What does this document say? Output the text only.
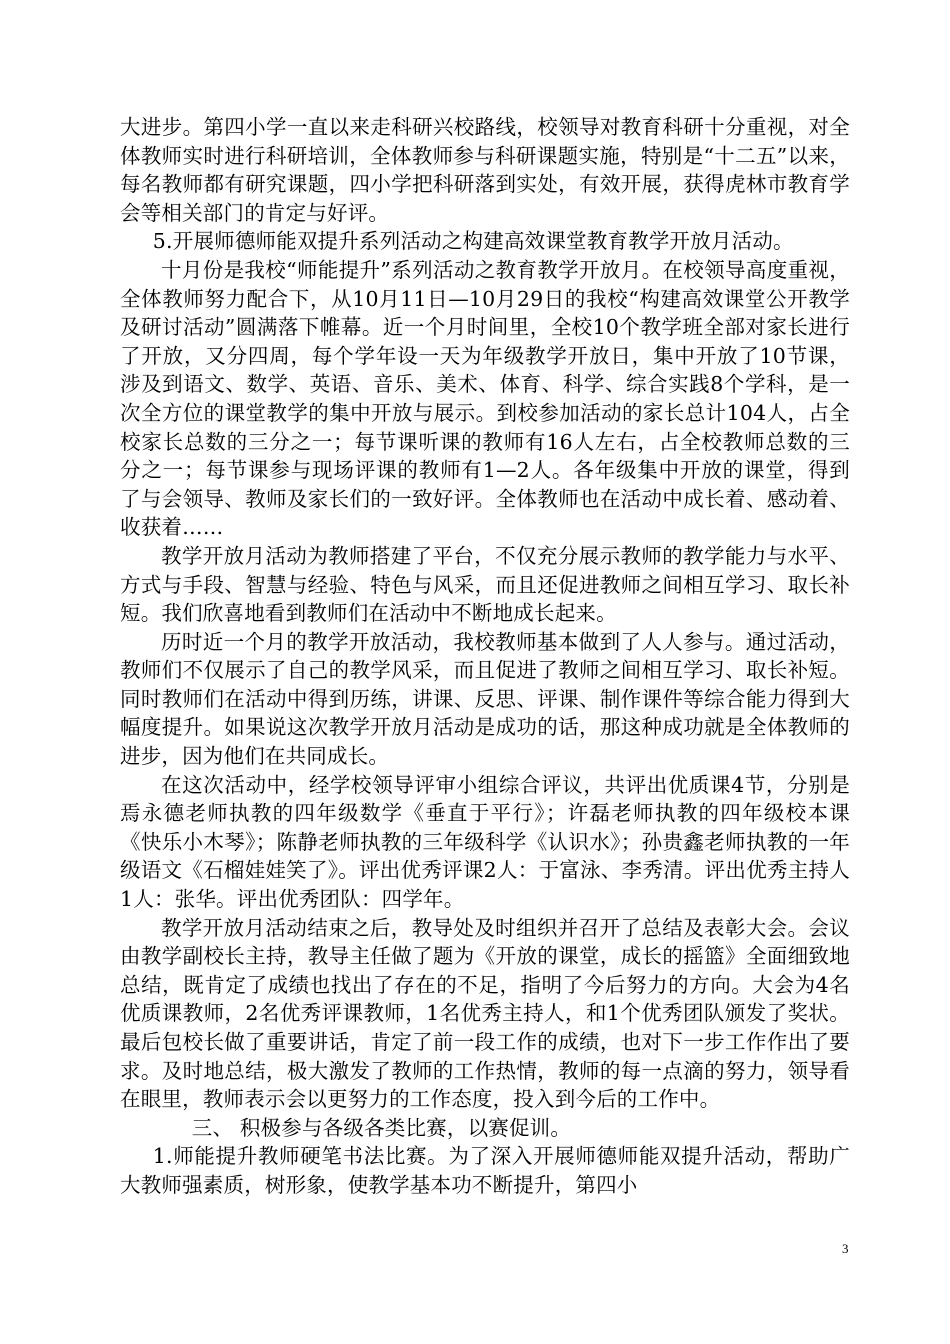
大进步。第四小学一直以来走科研兴校路线，校领导对教育科研十分重视，对全体教师实时进行科研培训，全体教师参与科研课题实施，特别是“十二五”以来，每名教师都有研究课题，四小学把科研落到实处，有效开展，获得虎林市教育学会等相关部门的肯定与好评。

5.开展师德师能双提升系列活动之构建高效课堂教育教学开放月活动。

十月份是我校“师能提升”系列活动之教育教学开放月。在校领导高度重视，全体教师努力配合下，从10月11日—10月29日的我校“构建高效课堂公开教学及研讨活动”圆满落下帷幕。近一个月时间里，全校10个教学班全部对家长进行了开放，又分四周，每个学年设一天为年级教学开放日，集中开放了10节课，涉及到语文、数学、英语、音乐、美术、体育、科学、综合实践8个学科，是一次全方位的课堂教学的集中开放与展示。到校参加活动的家长总计104人，占全校家长总数的三分之一；每节课听课的教师有16人左右，占全校教师总数的三分之一；每节课参与现场评课的教师有1—2人。各年级集中开放的课堂，得到了与会领导、教师及家长们的一致好评。全体教师也在活动中成长着、感动着、收获着……

教学开放月活动为教师搭建了平台，不仅充分展示教师的教学能力与水平、方式与手段、智慧与经验、特色与风采，而且还促进教师之间相互学习、取长补短。我们欣喜地看到教师们在活动中不断地成长起来。

历时近一个月的教学开放活动，我校教师基本做到了人人参与。通过活动，教师们不仅展示了自己的教学风采，而且促进了教师之间相互学习、取长补短。同时教师们在活动中得到历练，讲课、反思、评课、制作课件等综合能力得到大幅度提升。如果说这次教学开放月活动是成功的话，那这种成功就是全体教师的进步，因为他们在共同成长。

在这次活动中，经学校领导评审小组综合评议，共评出优质课4节，分别是焉永德老师执教的四年级数学《垂直于平行》；许磊老师执教的四年级校本课《快乐小木琴》；陈静老师执教的三年级科学《认识水》；孙贵鑫老师执教的一年级语文《石榴娃娃笑了》。评出优秀评课2人：于富泳、李秀清。评出优秀主持人1人：张华。评出优秀团队：四学年。

教学开放月活动结束之后，教导处及时组织并召开了总结及表彰大会。会议由教学副校长主持，教导主任做了题为《开放的课堂，成长的摇篮》全面细致地总结，既肯定了成绩也找出了存在的不足，指明了今后努力的方向。大会为4名优质课教师，2名优秀评课教师，1名优秀主持人，和1个优秀团队颁发了奖状。最后包校长做了重要讲话，肯定了前一段工作的成绩，也对下一步工作作出了要求。及时地总结，极大激发了教师的工作热情，教师的每一点滴的努力，领导看在眼里，教师表示会以更努力的工作态度，投入到今后的工作中。

三、 积极参与各级各类比赛，以赛促训。

1.师能提升教师硬笔书法比赛。为了深入开展师德师能双提升活动，帮助广大教师强素质，树形象，使教学基本功不断提升，第四小

3
